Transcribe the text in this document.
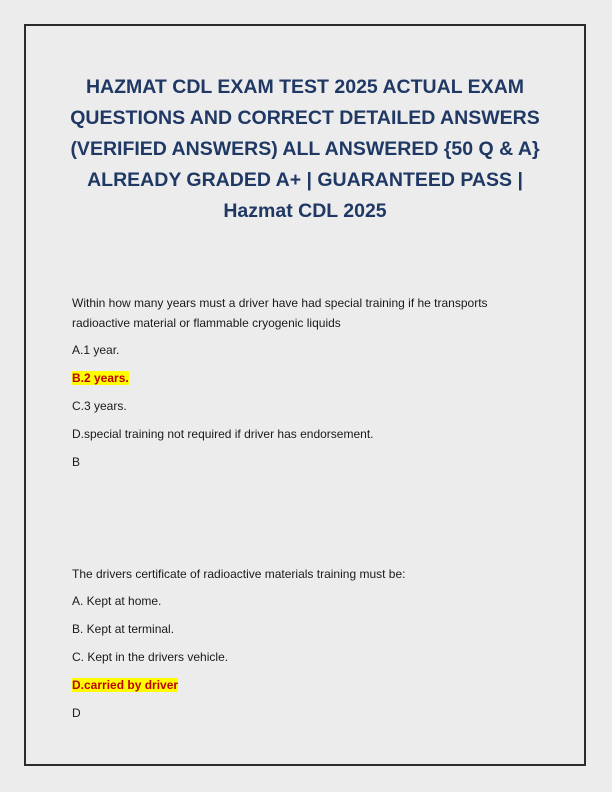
HAZMAT CDL EXAM TEST 2025 ACTUAL EXAM QUESTIONS AND CORRECT DETAILED ANSWERS (VERIFIED ANSWERS) ALL ANSWERED {50 Q & A} ALREADY GRADED A+ | GUARANTEED PASS | Hazmat CDL 2025

Within how many years must a driver have had special training if he transports radioactive material or flammable cryogenic liquids

A.1 year.

B.2 years.

C.3 years.

D.special training not required if driver has endorsement.

B

The drivers certificate of radioactive materials training must be:

A. Kept at home.

B. Kept at terminal.

C. Kept in the drivers vehicle.

D.carried by driver

D
